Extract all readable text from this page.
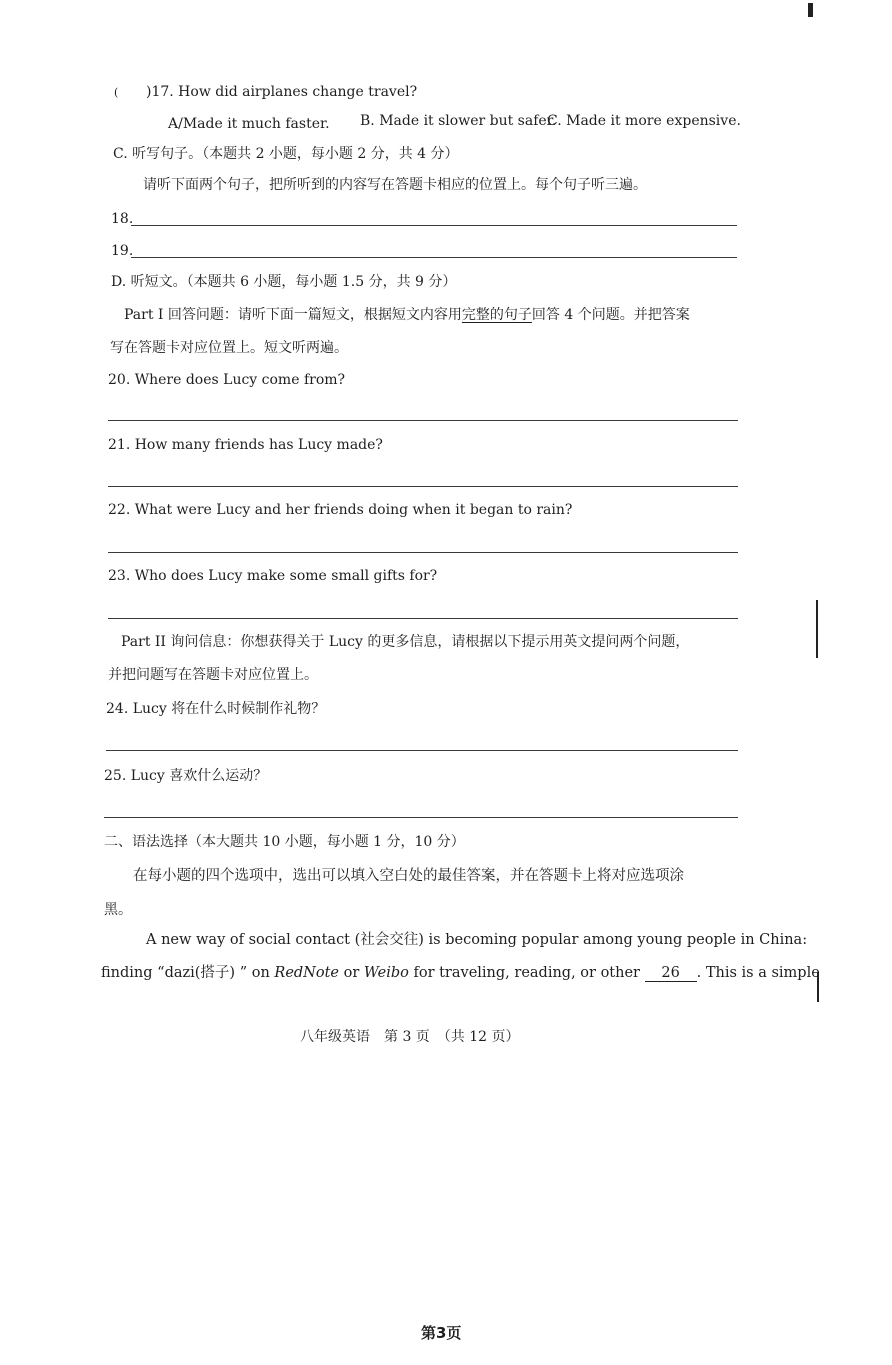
( )17. How did airplanes change travel?
A/Made it much faster. B. Made it slower but safer.
C. Made it more expensive.
C. 听写句子。（本题共 2 小题，每小题 2 分，共 4 分）
请听下面两个句子，把所听到的内容写在答题卡相应的位置上。每个句子听三遍。
18.
19.
D. 听短文。（本题共 6 小题，每小题 1.5 分，共 9 分）
Part I 回答问题：请听下面一篇短文，根据短文内容用完整的句子回答 4 个问题。并把答案
写在答题卡对应位置上。短文听两遍。
20. Where does Lucy come from?
21. How many friends has Lucy made?
22. What were Lucy and her friends doing when it began to rain?
23. Who does Lucy make some small gifts for?
Part II 询问信息：你想获得关于 Lucy 的更多信息，请根据以下提示用英文提问两个问题，
并把问题写在答题卡对应位置上。
24. Lucy 将在什么时候制作礼物？
25. Lucy 喜欢什么运动？
二、语法选择（本大题共 10 小题，每小题 1 分，10 分）
在每小题的四个选项中，选出可以填入空白处的最佳答案，并在答题卡上将对应选项涂
黑。
A new way of social contact (社会交往) is becoming popular among young people in China:
finding “dazi(搭子) ” on RedNote or Weibo for traveling, reading, or other 26 . This is a simple
八年级英语　第 3 页　（共 12 页）
第3页
